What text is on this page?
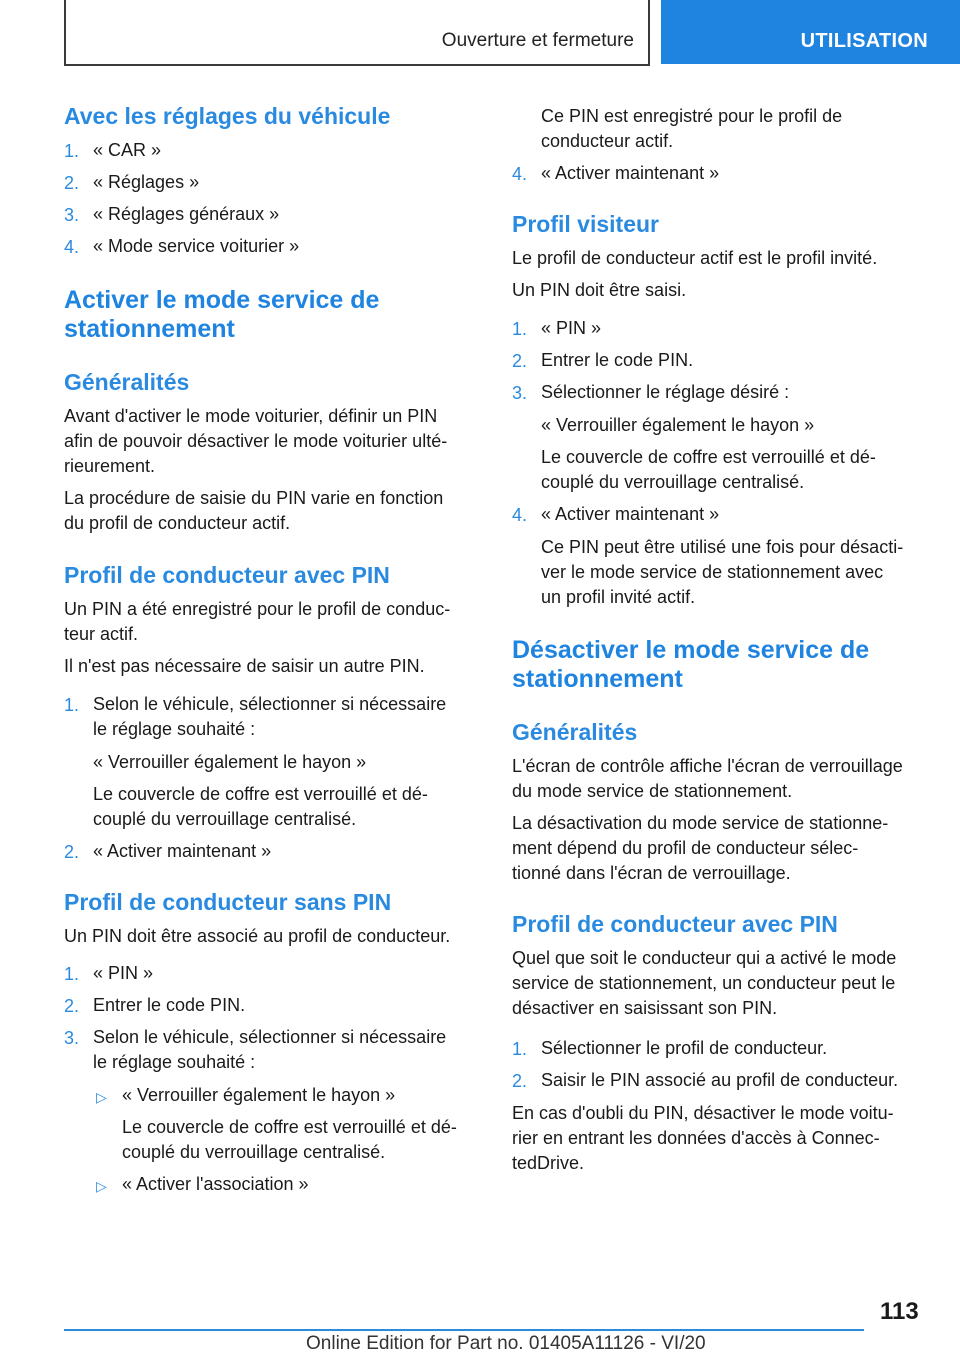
Ouverture et fermeture	UTILISATION
Avec les réglages du véhicule
1. « CAR »
2. « Réglages »
3. « Réglages généraux »
4. « Mode service voiturier »
Activer le mode service de
stationnement
Généralités
Avant d'activer le mode voiturier, définir un PIN
afin de pouvoir désactiver le mode voiturier ulté-
rieurement.
La procédure de saisie du PIN varie en fonction
du profil de conducteur actif.
Profil de conducteur avec PIN
Un PIN a été enregistré pour le profil de conduc-
teur actif.
Il n'est pas nécessaire de saisir un autre PIN.
1. Selon le véhicule, sélectionner si nécessaire
le réglage souhaité :
« Verrouiller également le hayon »
Le couvercle de coffre est verrouillé et dé-
couplé du verrouillage centralisé.
2. « Activer maintenant »
Profil de conducteur sans PIN
Un PIN doit être associé au profil de conducteur.
1. « PIN »
2. Entrer le code PIN.
3. Selon le véhicule, sélectionner si nécessaire
le réglage souhaité :
▷ « Verrouiller également le hayon »
Le couvercle de coffre est verrouillé et dé-
couplé du verrouillage centralisé.
▷ « Activer l'association »
Ce PIN est enregistré pour le profil de
conducteur actif.
4. « Activer maintenant »
Profil visiteur
Le profil de conducteur actif est le profil invité.
Un PIN doit être saisi.
1. « PIN »
2. Entrer le code PIN.
3. Sélectionner le réglage désiré :
« Verrouiller également le hayon »
Le couvercle de coffre est verrouillé et dé-
couplé du verrouillage centralisé.
4. « Activer maintenant »
Ce PIN peut être utilisé une fois pour désacti-
ver le mode service de stationnement avec
un profil invité actif.
Désactiver le mode service de
stationnement
Généralités
L'écran de contrôle affiche l'écran de verrouillage
du mode service de stationnement.
La désactivation du mode service de stationne-
ment dépend du profil de conducteur sélec-
tionné dans l'écran de verrouillage.
Profil de conducteur avec PIN
Quel que soit le conducteur qui a activé le mode
service de stationnement, un conducteur peut le
désactiver en saisissant son PIN.
1. Sélectionner le profil de conducteur.
2. Saisir le PIN associé au profil de conducteur.
En cas d'oubli du PIN, désactiver le mode voitu-
rier en entrant les données d'accès à Connec-
tedDrive.
113
Online Edition for Part no. 01405A11126 - VI/20
